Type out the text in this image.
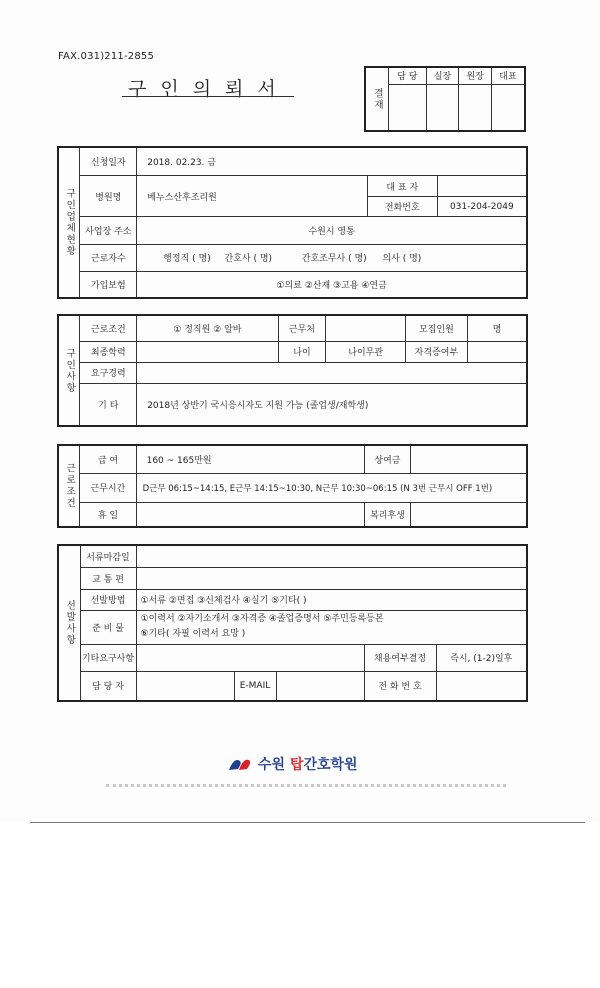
FAX.031)211-2855
구인의뢰서	결재	담 당	실장	원장	대표

구인업체현황	신청일자	2018. 02.23. 금		
	병원명	베누스산후조리원	대 표 자	
			전화번호	031-204-2049
	사업장 주소	수원시 영통		
	근로자수	행정직 ( 명) 간호사 ( 명) 간호조무사 ( 명) 의사 ( 명)		
	가입보험	①의료 ②산재 ③고용 ④연금		
구인사항	근로조건	① 정직원 ② 알바	근무처		모집인원	명
	최종학력		나이	나이무관	자격증여부	
	요구경력					
	기 타	2018년 상반기 국시응시자도 지원 가능 (졸업생/재학생)				
근로조건	급 여	160 ~ 165만원	상여금	
	근무시간	D근무 06:15~14:15, E근무 14:15~10:30, N근무 10:30~06:15 (N 3번 근무시 OFF 1번)		
	휴 일		복리후생	
선발사항	서류마감일					
	교 통 편					
	선발방법	①서류 ②면접 ③신체검사 ④실기 ⑤기타( )				
	준 비 물	①이력서 ②자기소개서 ③자격증 ④졸업증명서 ⑤주민등록등본
⑥기타( 자필 이력서 요망 )				

	기타요구사항				채용여부결정	즉시, (1-2)일후
	담 당 자		E-MAIL		전 화 번 호	
수원 탑간호학원
